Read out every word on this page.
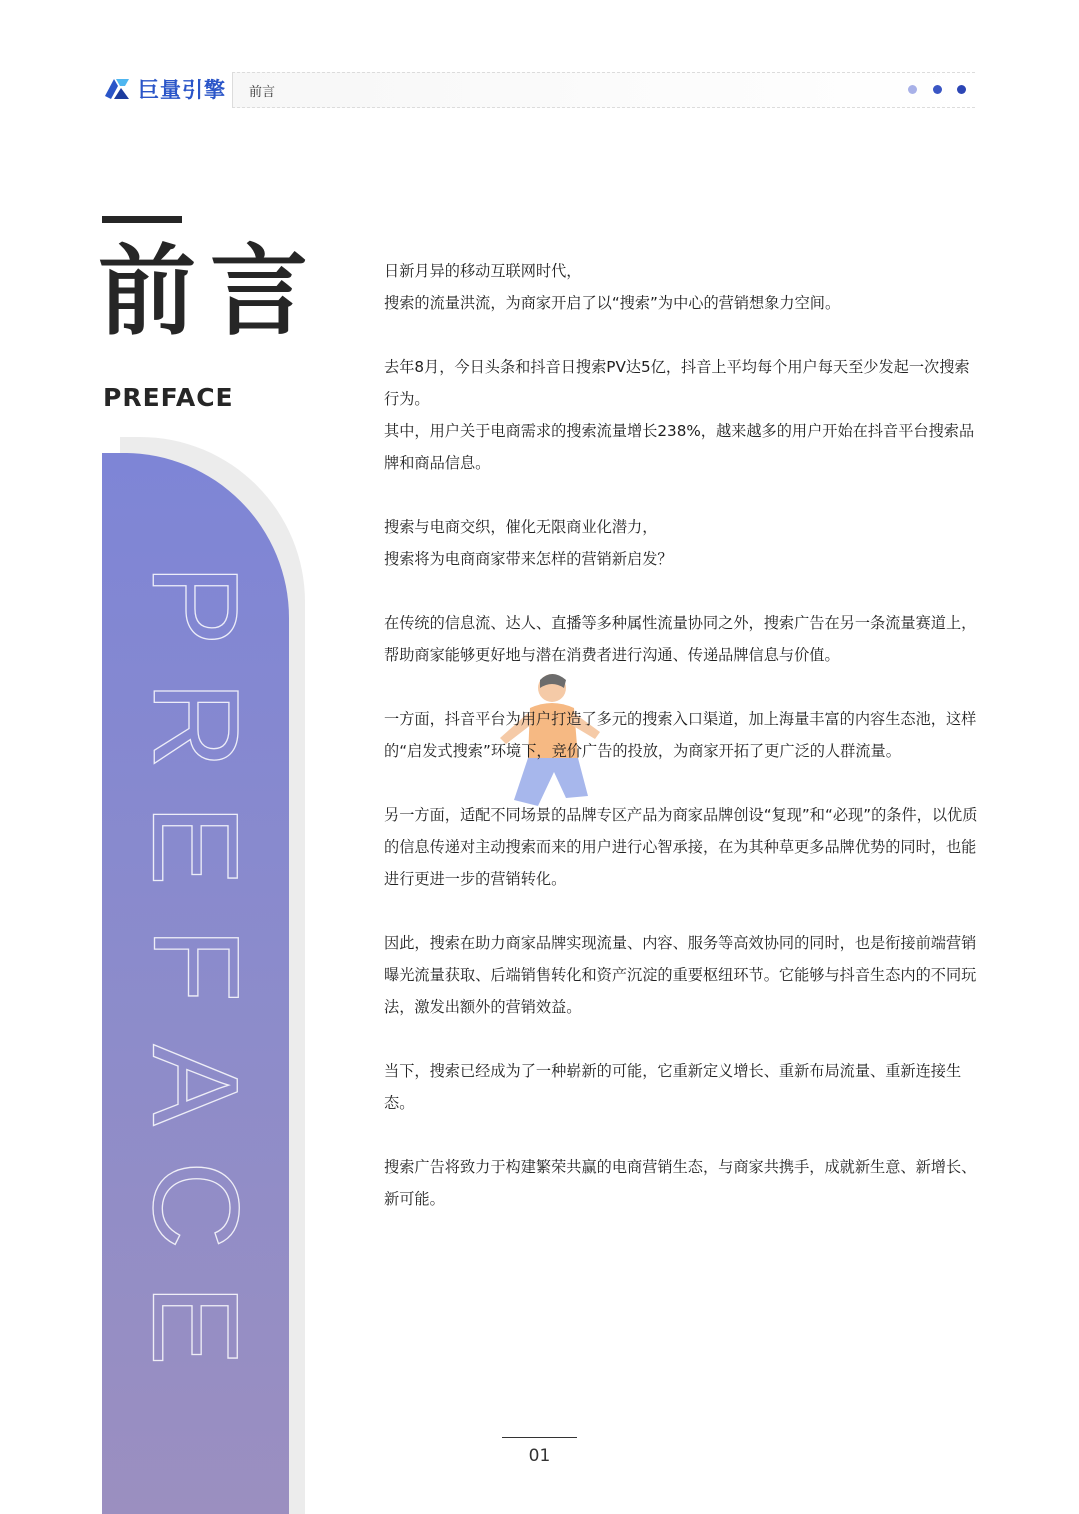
巨量引擎 前言
前言
PREFACE
P
R
E
F
A
C
E

日新月异的移动互联网时代，
搜索的流量洪流，为商家开启了以“搜索”为中心的营销想象力空间。

去年8月，今日头条和抖音日搜索PV达5亿，抖音上平均每个用户每天至少发起一次搜索行为。
其中，用户关于电商需求的搜索流量增长238%，越来越多的用户开始在抖音平台搜索品牌和商品信息。

搜索与电商交织，催化无限商业化潜力，
搜索将为电商商家带来怎样的营销新启发？

在传统的信息流、达人、直播等多种属性流量协同之外，搜索广告在另一条流量赛道上，帮助商家能够更好地与潜在消费者进行沟通、传递品牌信息与价值。

一方面，抖音平台为用户打造了多元的搜索入口渠道，加上海量丰富的内容生态池，这样的“启发式搜索”环境下，竞价广告的投放，为商家开拓了更广泛的人群流量。

另一方面，适配不同场景的品牌专区产品为商家品牌创设“复现”和“必现”的条件，以优质的信息传递对主动搜索而来的用户进行心智承接，在为其种草更多品牌优势的同时，也能进行更进一步的营销转化。

因此，搜索在助力商家品牌实现流量、内容、服务等高效协同的同时，也是衔接前端营销曝光流量获取、后端销售转化和资产沉淀的重要枢纽环节。它能够与抖音生态内的不同玩法，激发出额外的营销效益。

当下，搜索已经成为了一种崭新的可能，它重新定义增长、重新布局流量、重新连接生态。

搜索广告将致力于构建繁荣共赢的电商营销生态，与商家共携手，成就新生意、新增长、新可能。

01
